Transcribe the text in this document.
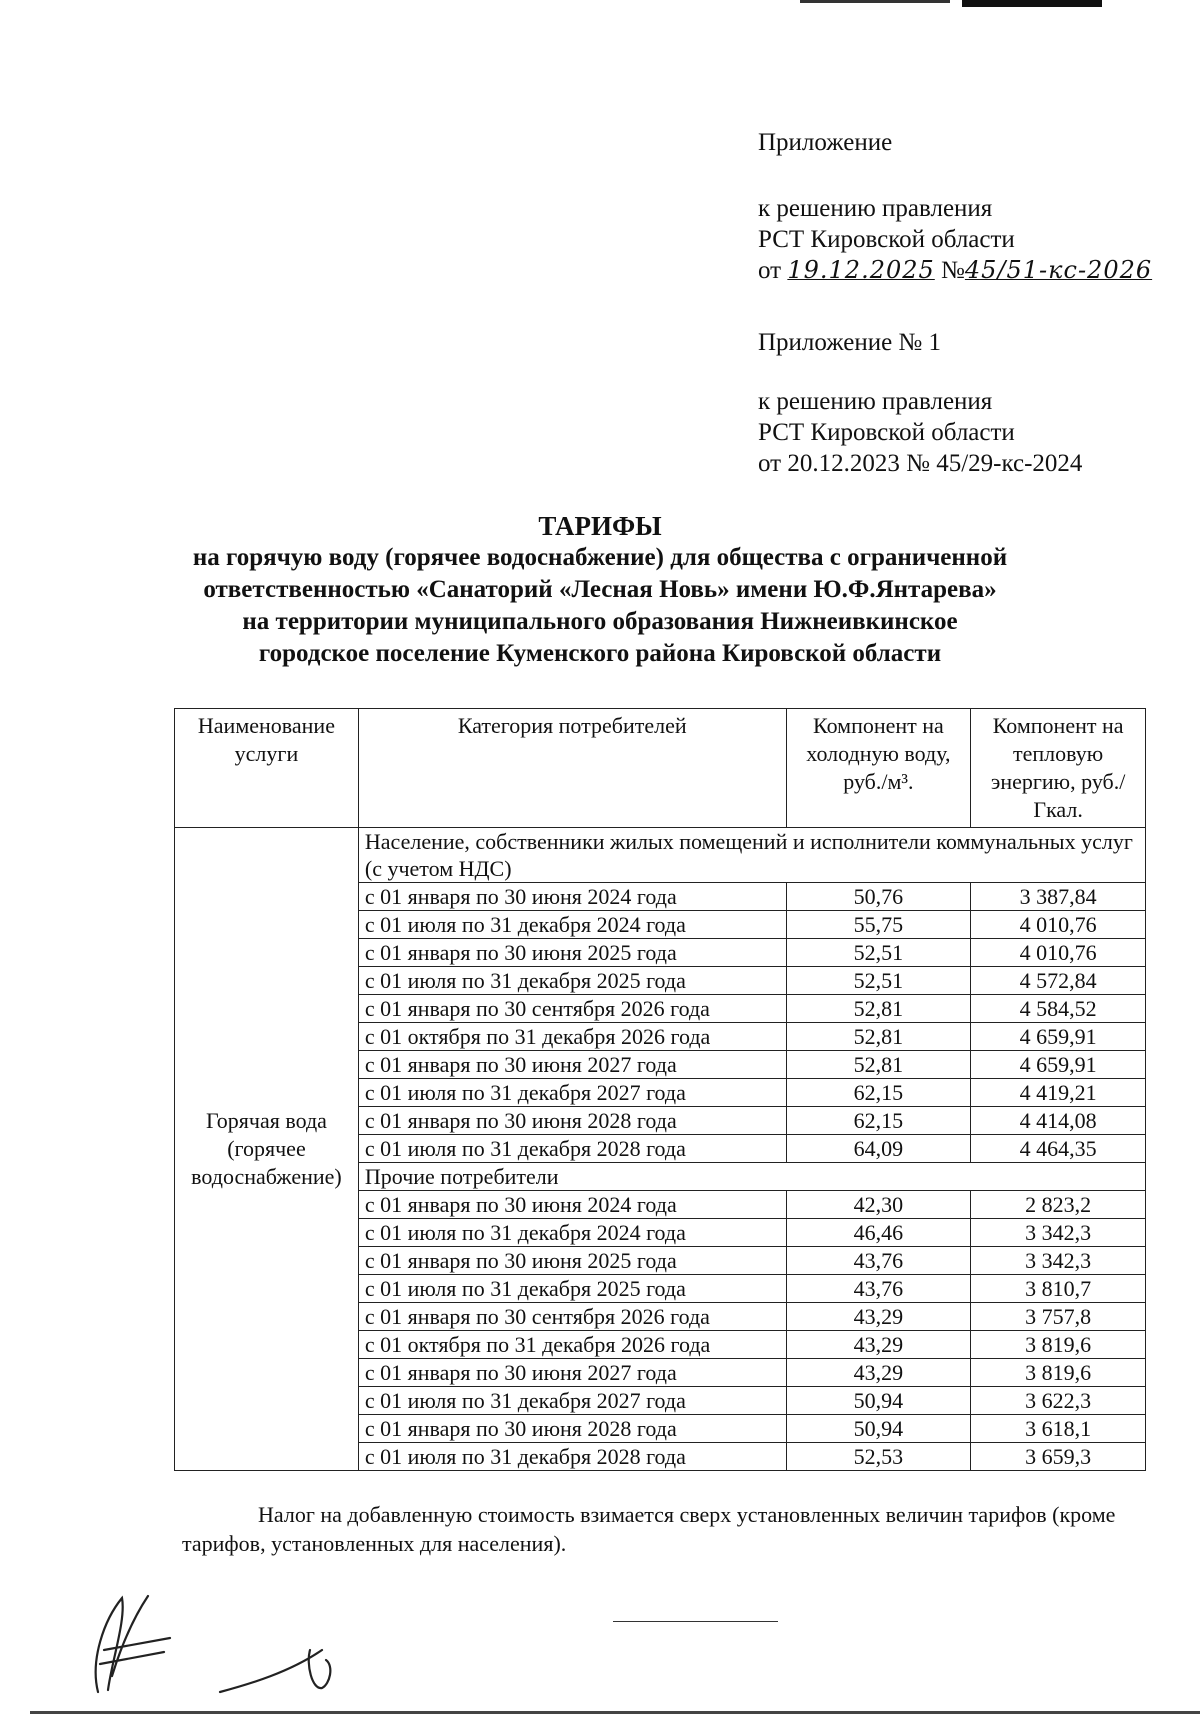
Приложение
к решению правления
РСТ Кировской области
от 19.12.2025 №45/51-кс-2026
Приложение № 1
к решению правления
РСТ Кировской области
от 20.12.2023 № 45/29-кс-2024
ТАРИФЫ
на горячую воду (горячее водоснабжение) для общества с ограниченной
ответственностью «Санаторий «Лесная Новь» имени Ю.Ф.Янтарева»
на территории муниципального образования Нижнеивкинское
городское поселение Куменского района Кировской области
Наименование услуги	Категория потребителей	Компонент на холодную воду, руб./м³.	Компонент на тепловую энергию, руб./Гкал.
Горячая вода (горячее водоснабжение)	Население, собственники жилых помещений и исполнители коммунальных услуг (с учетом НДС)		
	с 01 января по 30 июня 2024 года	50,76	3 387,84
	с 01 июля по 31 декабря 2024 года	55,75	4 010,76
	с 01 января по 30 июня 2025 года	52,51	4 010,76
	с 01 июля по 31 декабря 2025 года	52,51	4 572,84
	с 01 января по 30 сентября 2026 года	52,81	4 584,52
	с 01 октября по 31 декабря 2026 года	52,81	4 659,91
	с 01 января по 30 июня 2027 года	52,81	4 659,91
	с 01 июля по 31 декабря 2027 года	62,15	4 419,21
	с 01 января по 30 июня 2028 года	62,15	4 414,08
	с 01 июля по 31 декабря 2028 года	64,09	4 464,35
	Прочие потребители		
	с 01 января по 30 июня 2024 года	42,30	2 823,2
	с 01 июля по 31 декабря 2024 года	46,46	3 342,3
	с 01 января по 30 июня 2025 года	43,76	3 342,3
	с 01 июля по 31 декабря 2025 года	43,76	3 810,7
	с 01 января по 30 сентября 2026 года	43,29	3 757,8
	с 01 октября по 31 декабря 2026 года	43,29	3 819,6
	с 01 января по 30 июня 2027 года	43,29	3 819,6
	с 01 июля по 31 декабря 2027 года	50,94	3 622,3
	с 01 января по 30 июня 2028 года	50,94	3 618,1
	с 01 июля по 31 декабря 2028 года	52,53	3 659,3
Налог на добавленную стоимость взимается сверх установленных величин тарифов (кроме тарифов, установленных для населения).
